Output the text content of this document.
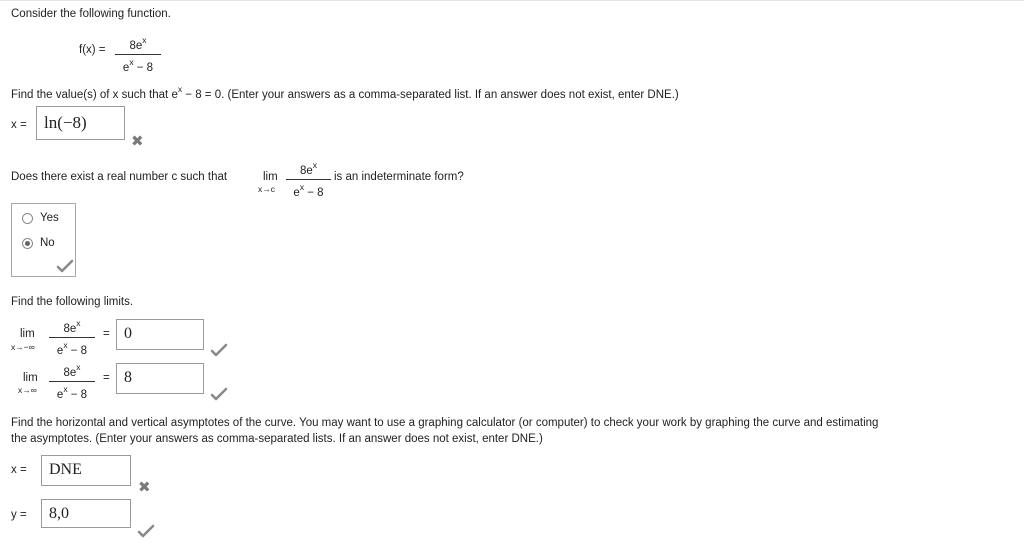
Consider the following function.
f(x) =	$8e^x$
$e^x - 8$
Find the value(s) of x such that $e^x - 8 = 0$. (Enter your answers as a comma-separated list. If an answer does not exist, enter DNE.)
x =	ln(−8)
✖
Does there exist a real number c such that	lim
x→c
$8e^x$
$e^x - 8$
is an indeterminate form?
Yes
No
Find the following limits.
lim
x→−∞
$8e^x$
$e^x - 8$
= 0
lim
x→∞
$8e^x$
$e^x - 8$
= 8
Find the horizontal and vertical asymptotes of the curve. You may want to use a graphing calculator (or computer) to check your work by graphing the curve and estimating
the asymptotes. (Enter your answers as comma-separated lists. If an answer does not exist, enter DNE.)
x =	DNE
✖
y =	8,0
